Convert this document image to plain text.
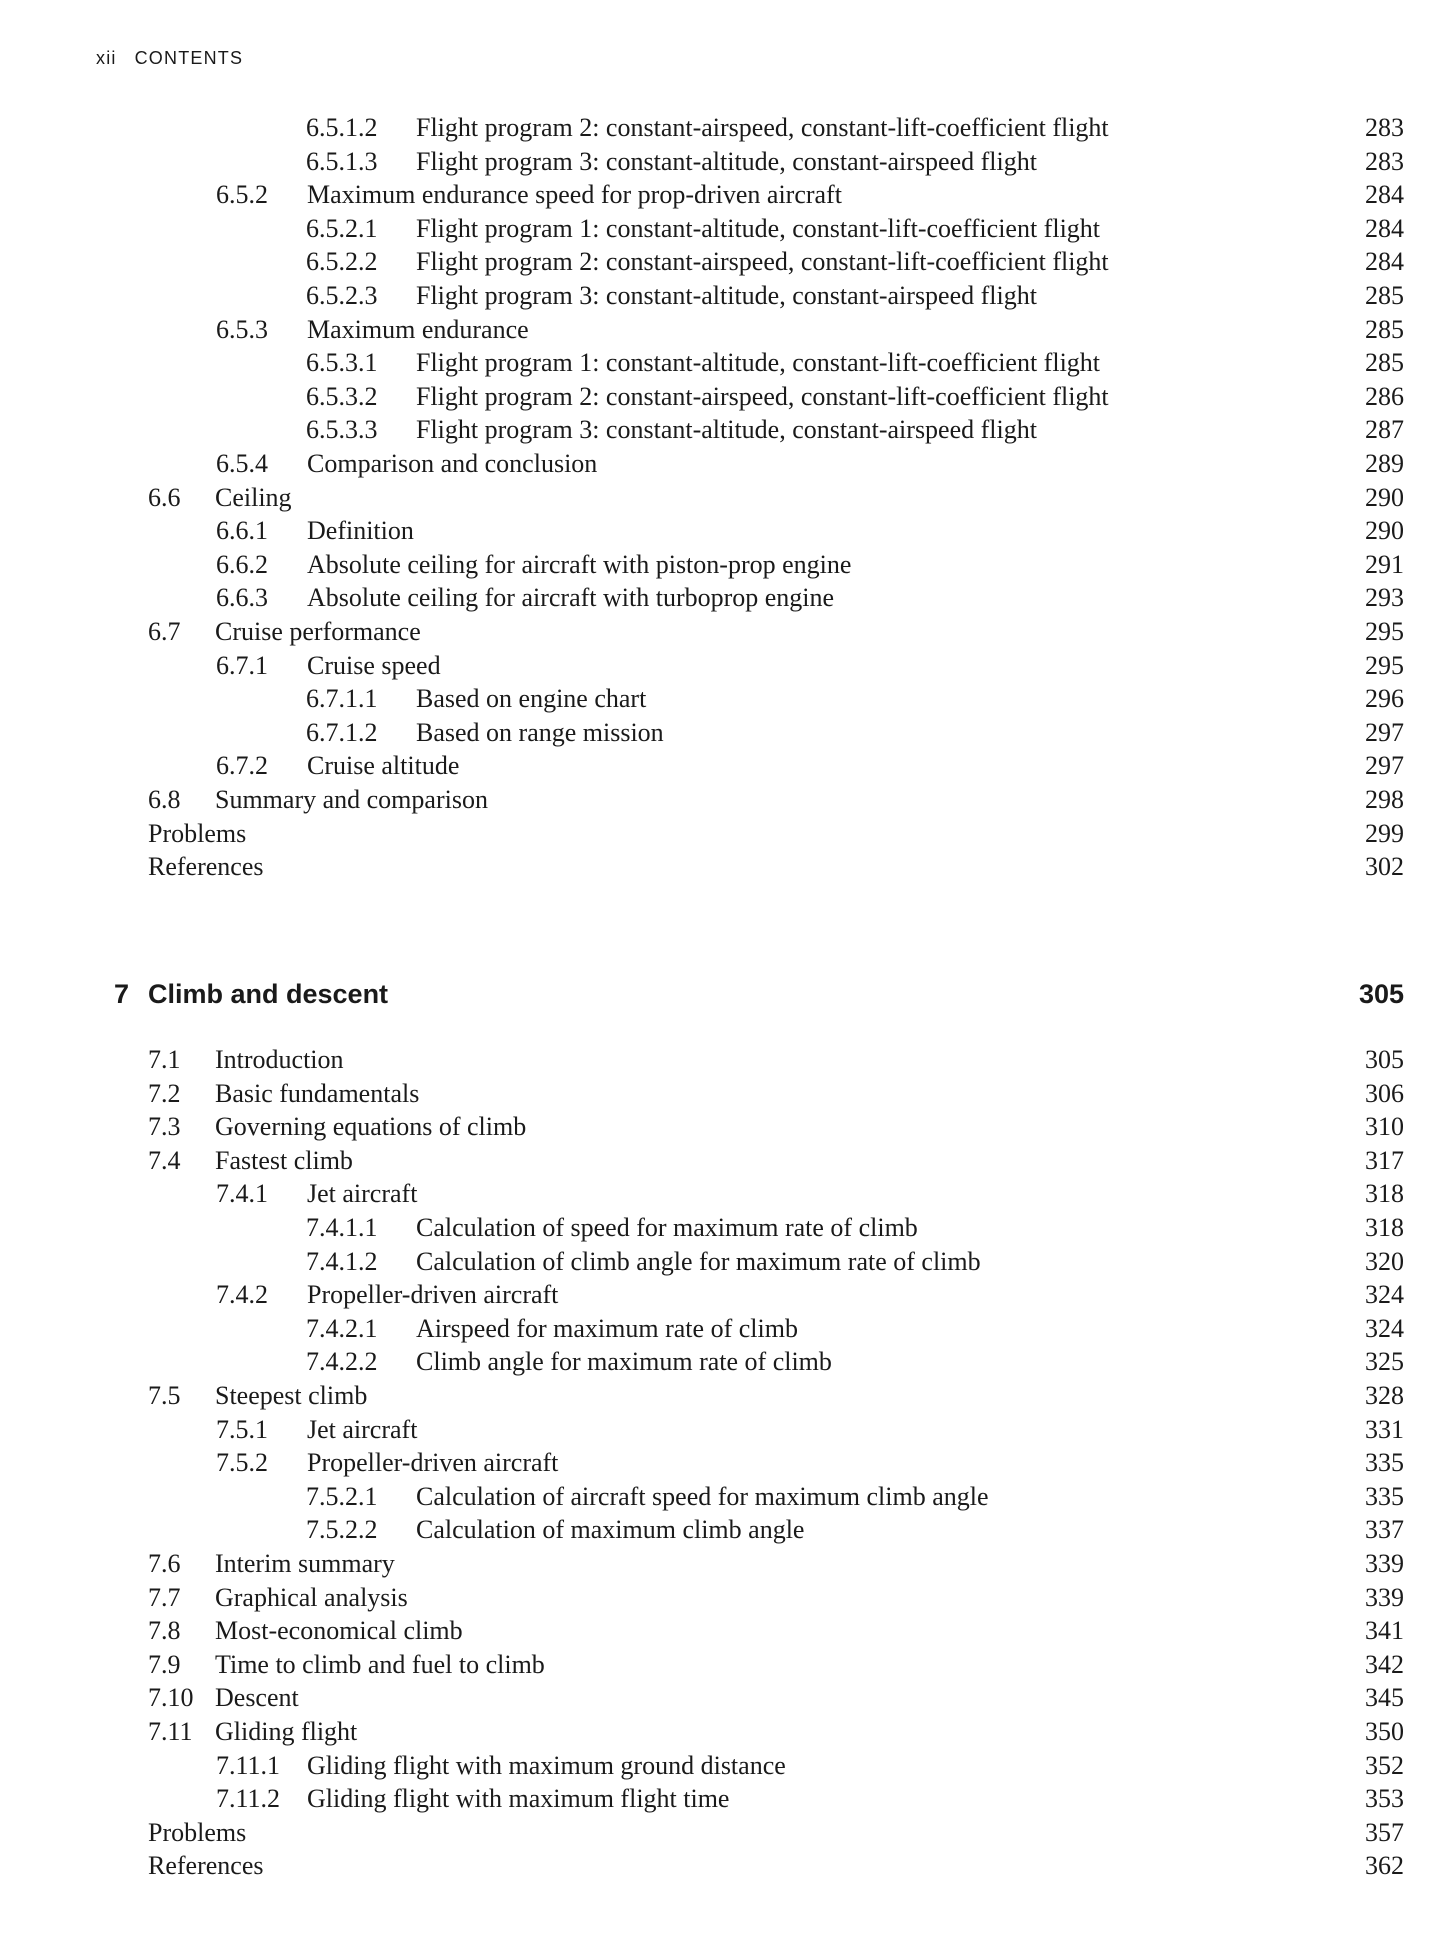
xii CONTENTS
6.5.1.2 Flight program 2: constant-airspeed, constant-lift-coefficient flight	283
6.5.1.3 Flight program 3: constant-altitude, constant-airspeed flight	283
6.5.2 Maximum endurance speed for prop-driven aircraft	284
6.5.2.1 Flight program 1: constant-altitude, constant-lift-coefficient flight	284
6.5.2.2 Flight program 2: constant-airspeed, constant-lift-coefficient flight	284
6.5.2.3 Flight program 3: constant-altitude, constant-airspeed flight	285
6.5.3 Maximum endurance	285
6.5.3.1 Flight program 1: constant-altitude, constant-lift-coefficient flight	285
6.5.3.2 Flight program 2: constant-airspeed, constant-lift-coefficient flight	286
6.5.3.3 Flight program 3: constant-altitude, constant-airspeed flight	287
6.5.4 Comparison and conclusion	289
6.6 Ceiling	290
6.6.1 Definition	290
6.6.2 Absolute ceiling for aircraft with piston-prop engine	291
6.6.3 Absolute ceiling for aircraft with turboprop engine	293
6.7 Cruise performance	295
6.7.1 Cruise speed	295
6.7.1.1 Based on engine chart	296
6.7.1.2 Based on range mission	297
6.7.2 Cruise altitude	297
6.8 Summary and comparison	298
Problems	299
References	302
7 Climb and descent	305
7.1 Introduction	305
7.2 Basic fundamentals	306
7.3 Governing equations of climb	310
7.4 Fastest climb	317
7.4.1 Jet aircraft	318
7.4.1.1 Calculation of speed for maximum rate of climb	318
7.4.1.2 Calculation of climb angle for maximum rate of climb	320
7.4.2 Propeller-driven aircraft	324
7.4.2.1 Airspeed for maximum rate of climb	324
7.4.2.2 Climb angle for maximum rate of climb	325
7.5 Steepest climb	328
7.5.1 Jet aircraft	331
7.5.2 Propeller-driven aircraft	335
7.5.2.1 Calculation of aircraft speed for maximum climb angle	335
7.5.2.2 Calculation of maximum climb angle	337
7.6 Interim summary	339
7.7 Graphical analysis	339
7.8 Most-economical climb	341
7.9 Time to climb and fuel to climb	342
7.10 Descent	345
7.11 Gliding flight	350
7.11.1 Gliding flight with maximum ground distance	352
7.11.2 Gliding flight with maximum flight time	353
Problems	357
References	362
